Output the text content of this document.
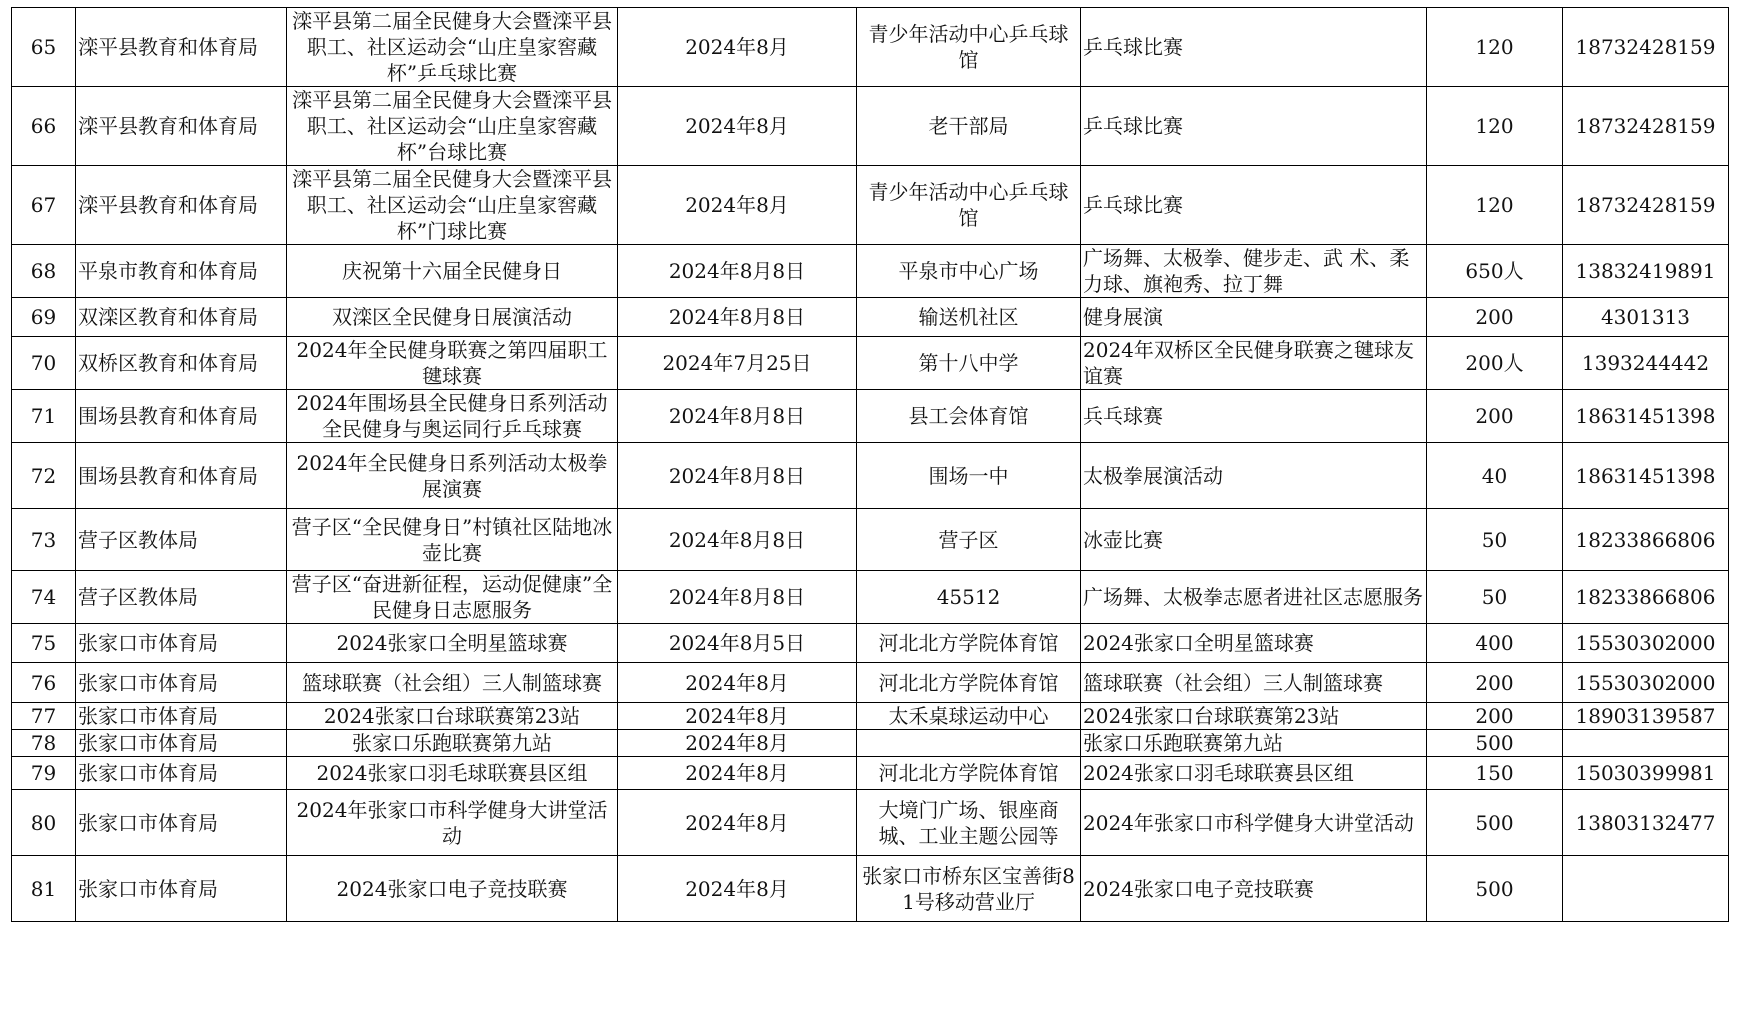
65	滦平县教育和体育局	滦平县第二届全民健身大会暨滦平县职工、社区运动会“山庄皇家窖藏杯”乒乓球比赛	2024年8月	青少年活动中心乒乓球馆	乒乓球比赛	120	18732428159
66	滦平县教育和体育局	滦平县第二届全民健身大会暨滦平县职工、社区运动会“山庄皇家窖藏杯”台球比赛	2024年8月	老干部局	乒乓球比赛	120	18732428159
67	滦平县教育和体育局	滦平县第二届全民健身大会暨滦平县职工、社区运动会“山庄皇家窖藏杯”门球比赛	2024年8月	青少年活动中心乒乓球馆	乒乓球比赛	120	18732428159
68	平泉市教育和体育局	庆祝第十六届全民健身日	2024年8月8日	平泉市中心广场	广场舞、太极拳、健步走、武 术、柔力球、旗袍秀、拉丁舞	650人	13832419891
69	双滦区教育和体育局	双滦区全民健身日展演活动	2024年8月8日	输送机社区	健身展演	200	4301313
70	双桥区教育和体育局	2024年全民健身联赛之第四届职工毽球赛	2024年7月25日	第十八中学	2024年双桥区全民健身联赛之毽球友谊赛	200人	1393244442
71	围场县教育和体育局	2024年围场县全民健身日系列活动全民健身与奥运同行乒乓球赛	2024年8月8日	县工会体育馆	兵乓球赛	200	18631451398
72	围场县教育和体育局	2024年全民健身日系列活动太极拳展演赛	2024年8月8日	围场一中	太极拳展演活动	40	18631451398
73	营子区教体局	营子区“全民健身日”村镇社区陆地冰壶比赛	2024年8月8日	营子区	冰壶比赛	50	18233866806
74	营子区教体局	营子区“奋进新征程，运动促健康”全民健身日志愿服务	2024年8月8日	45512	广场舞、太极拳志愿者进社区志愿服务	50	18233866806
75	张家口市体育局	2024张家口全明星篮球赛	2024年8月5日	河北北方学院体育馆	2024张家口全明星篮球赛	400	15530302000
76	张家口市体育局	篮球联赛（社会组）三人制篮球赛	2024年8月	河北北方学院体育馆	篮球联赛（社会组）三人制篮球赛	200	15530302000
77	张家口市体育局	2024张家口台球联赛第23站	2024年8月	太禾桌球运动中心	2024张家口台球联赛第23站	200	18903139587
78	张家口市体育局	张家口乐跑联赛第九站	2024年8月		张家口乐跑联赛第九站	500	
79	张家口市体育局	2024张家口羽毛球联赛县区组	2024年8月	河北北方学院体育馆	2024张家口羽毛球联赛县区组	150	15030399981
80	张家口市体育局	2024年张家口市科学健身大讲堂活动	2024年8月	大境门广场、银座商城、工业主题公园等	2024年张家口市科学健身大讲堂活动	500	13803132477
81	张家口市体育局	2024张家口电子竞技联赛	2024年8月	张家口市桥东区宝善街81号移动营业厅	2024张家口电子竞技联赛	500	
